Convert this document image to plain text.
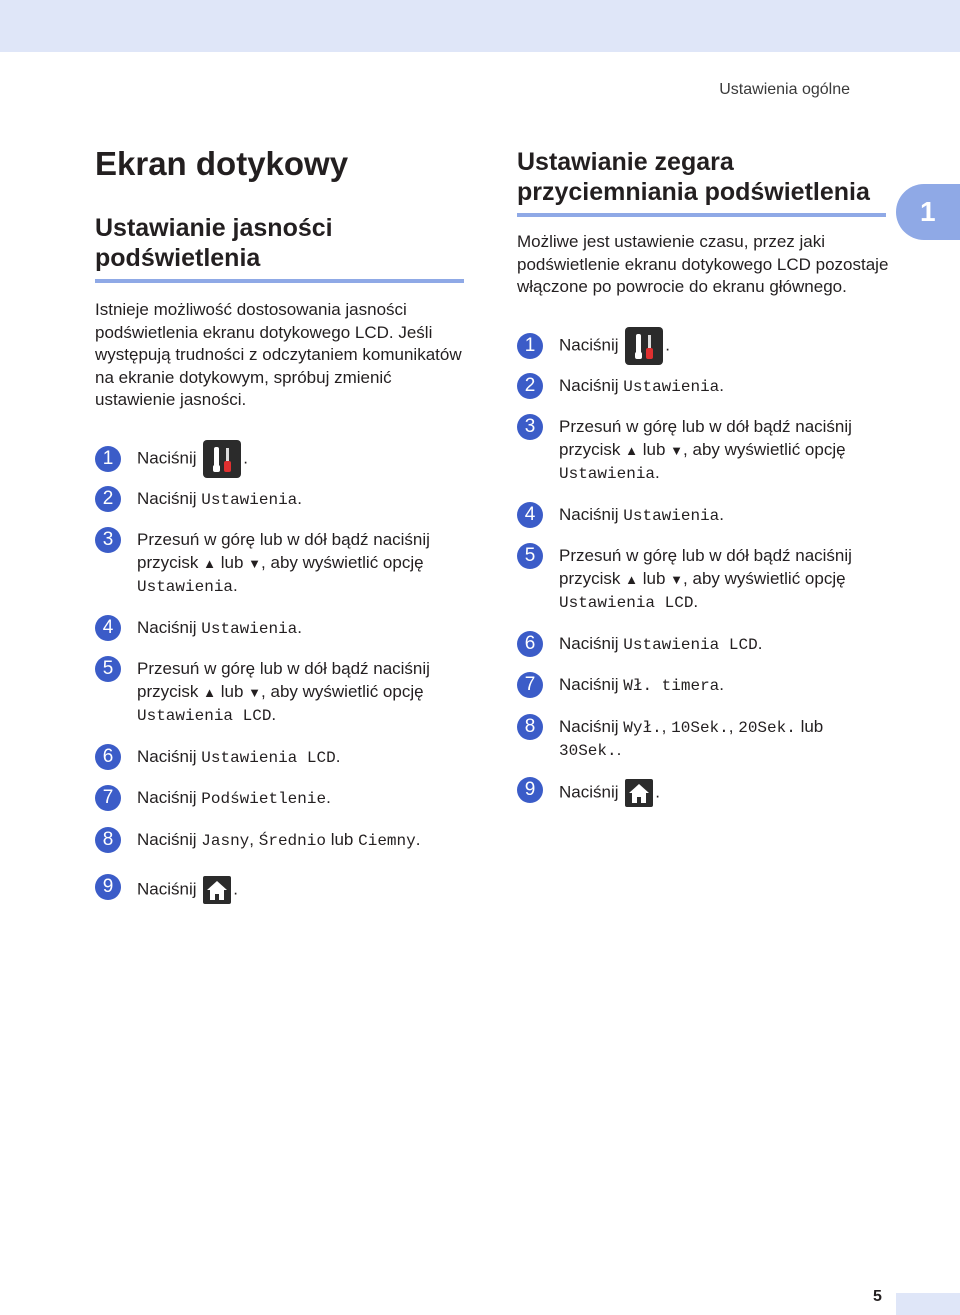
Ustawienia ogólne
1
Ekran dotykowy
Ustawianie jasności podświetlenia

Istnieje możliwość dostosowania jasności podświetlenia ekranu dotykowego LCD. Jeśli występują trudności z odczytaniem komunikatów na ekranie dotykowym, spróbuj zmienić ustawienie jasności.

1	Naciśnij	.
2	Naciśnij Ustawienia.
3	Przesuń w górę lub w dół bądź naciśnij przycisk ▲ lub ▼, aby wyświetlić opcję
Ustawienia.
4	Naciśnij Ustawienia.
5	Przesuń w górę lub w dół bądź naciśnij przycisk ▲ lub ▼, aby wyświetlić opcję
Ustawienia LCD.
6	Naciśnij Ustawienia LCD.
7	Naciśnij Podświetlenie.
8	Naciśnij Jasny, Średnio lub Ciemny.
9	Naciśnij .
Ustawianie zegara przyciemniania podświetlenia

Możliwe jest ustawienie czasu, przez jaki podświetlenie ekranu dotykowego LCD pozostaje włączone po powrocie do ekranu głównego.

1	Naciśnij	.
2	Naciśnij Ustawienia.
3	Przesuń w górę lub w dół bądź naciśnij przycisk ▲ lub ▼, aby wyświetlić opcję
Ustawienia.
4	Naciśnij Ustawienia.
5	Przesuń w górę lub w dół bądź naciśnij przycisk ▲ lub ▼, aby wyświetlić opcję
Ustawienia LCD.
6	Naciśnij Ustawienia LCD.
7	Naciśnij Wł. timera.
8	Naciśnij Wył., 10Sek., 20Sek. lub
30Sek..
9	Naciśnij .
5
